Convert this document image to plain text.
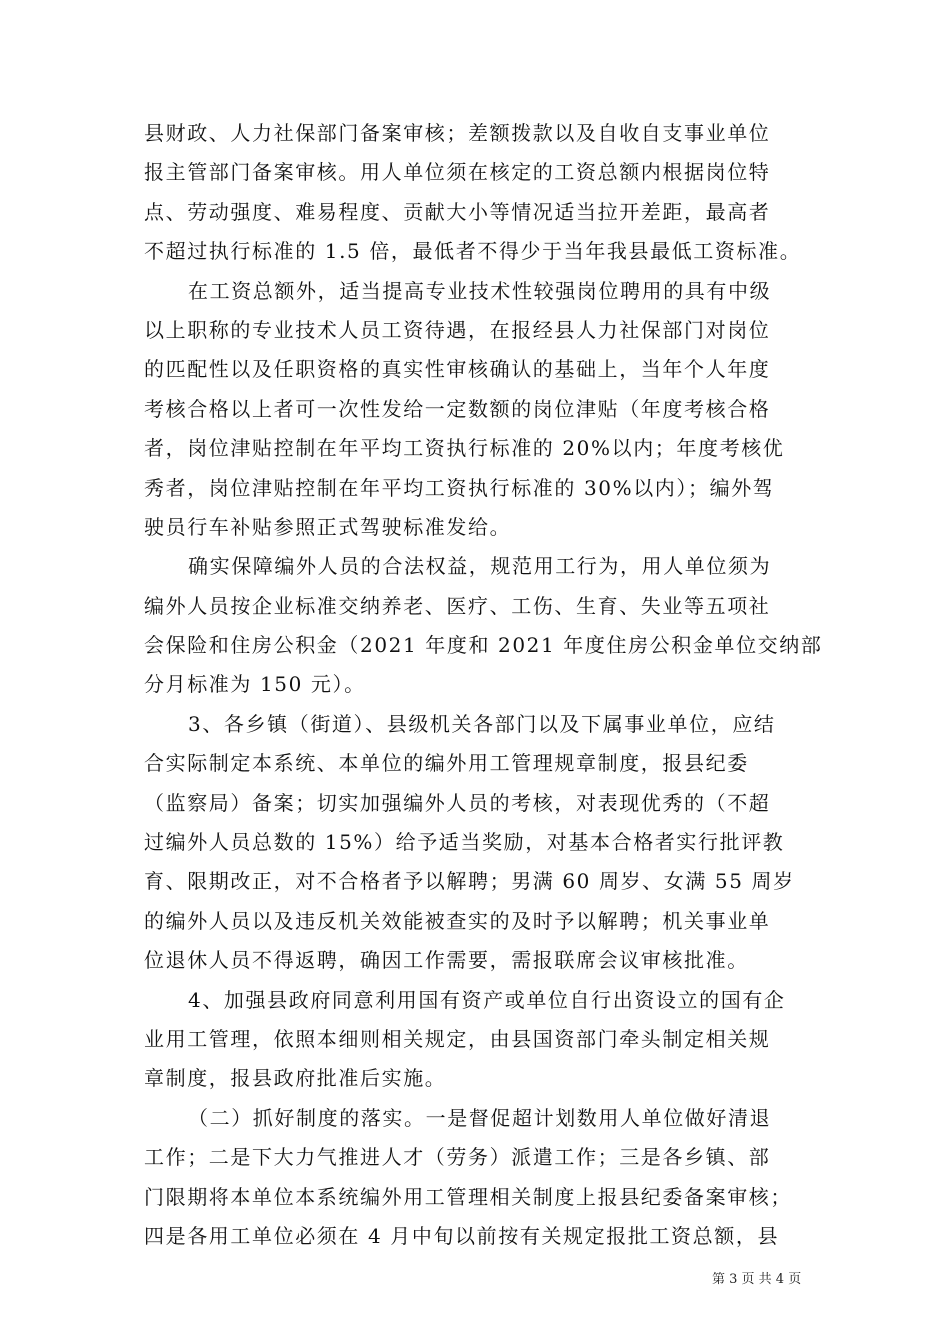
县财政、人力社保部门备案审核；差额拨款以及自收自支事业单位
报主管部门备案审核。用人单位须在核定的工资总额内根据岗位特
点、劳动强度、难易程度、贡献大小等情况适当拉开差距，最高者
不超过执行标准的 1.5 倍，最低者不得少于当年我县最低工资标准。
在工资总额外，适当提高专业技术性较强岗位聘用的具有中级
以上职称的专业技术人员工资待遇，在报经县人力社保部门对岗位
的匹配性以及任职资格的真实性审核确认的基础上，当年个人年度
考核合格以上者可一次性发给一定数额的岗位津贴（年度考核合格
者，岗位津贴控制在年平均工资执行标准的 20%以内；年度考核优
秀者，岗位津贴控制在年平均工资执行标准的 30%以内）；编外驾
驶员行车补贴参照正式驾驶标准发给。
确实保障编外人员的合法权益，规范用工行为，用人单位须为
编外人员按企业标准交纳养老、医疗、工伤、生育、失业等五项社
会保险和住房公积金（2021 年度和 2021 年度住房公积金单位交纳部
分月标准为 150 元）。
3、各乡镇（街道）、县级机关各部门以及下属事业单位，应结
合实际制定本系统、本单位的编外用工管理规章制度，报县纪委
（监察局）备案；切实加强编外人员的考核，对表现优秀的（不超
过编外人员总数的 15%）给予适当奖励，对基本合格者实行批评教
育、限期改正，对不合格者予以解聘；男满 60 周岁、女满 55 周岁
的编外人员以及违反机关效能被查实的及时予以解聘；机关事业单
位退休人员不得返聘，确因工作需要，需报联席会议审核批准。
4、加强县政府同意利用国有资产或单位自行出资设立的国有企
业用工管理，依照本细则相关规定，由县国资部门牵头制定相关规
章制度，报县政府批准后实施。
（二）抓好制度的落实。一是督促超计划数用人单位做好清退
工作；二是下大力气推进人才（劳务）派遣工作；三是各乡镇、部
门限期将本单位本系统编外用工管理相关制度上报县纪委备案审核；
四是各用工单位必须在 4 月中旬以前按有关规定报批工资总额，县
第 3 页 共 4 页
